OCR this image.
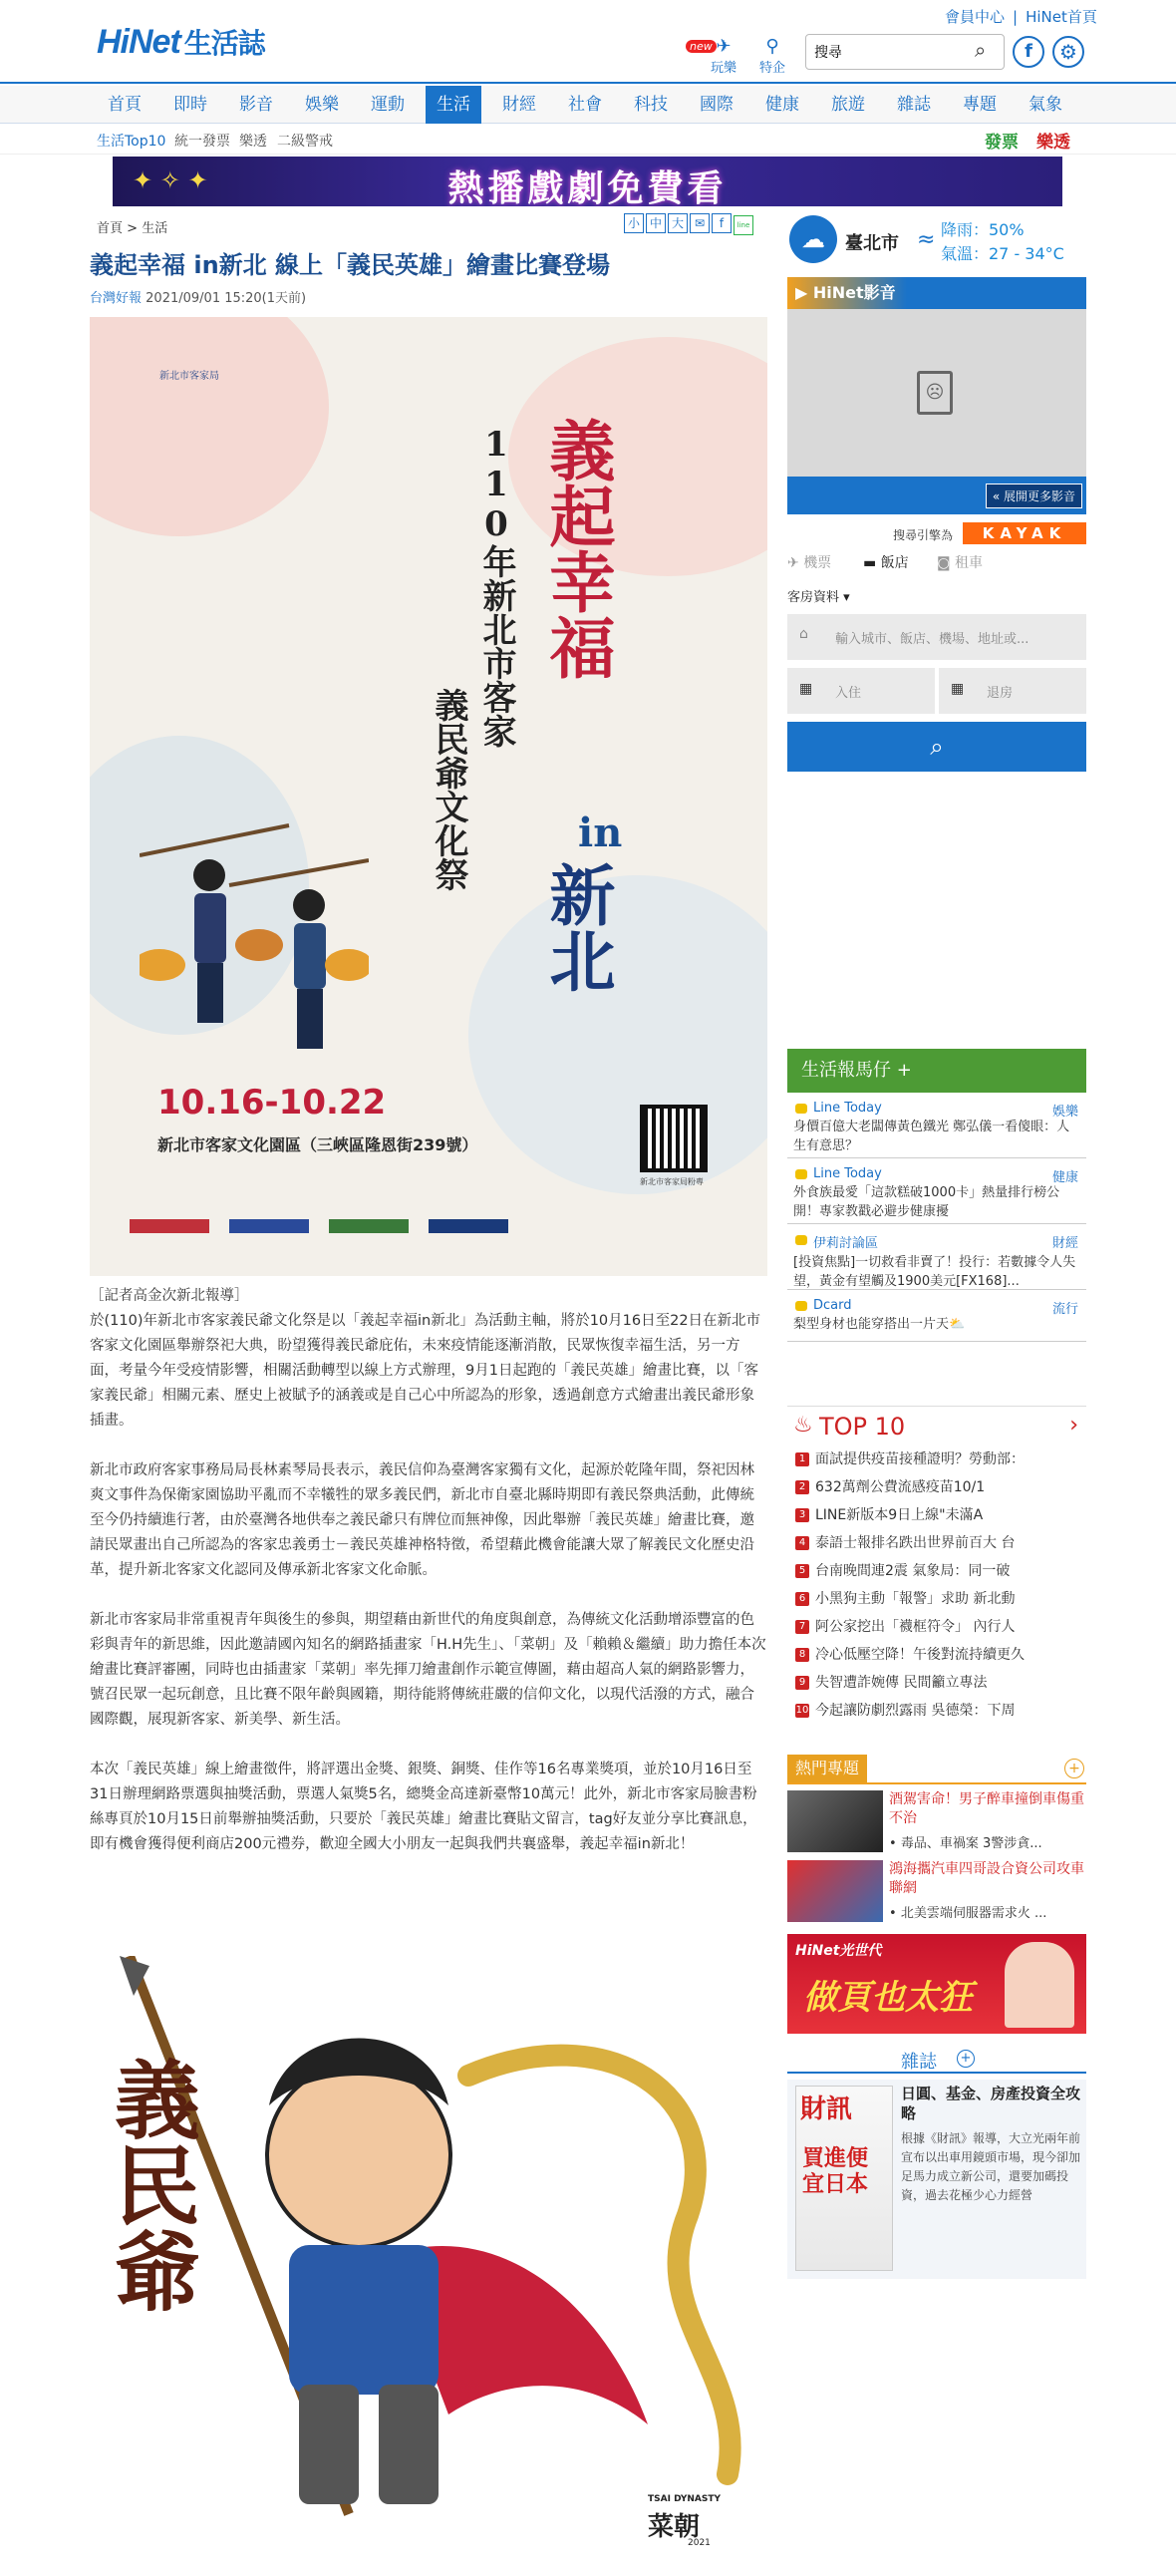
HiNet 生活誌
會員中心 | HiNet首頁
new ✈
玩樂
⚲
特企
搜尋
⌕	f	⚙
首頁	即時	影音	娛樂	運動	生活	財經	社會	科技	國際	健康	旅遊	雜誌	專題	氣象
生活Top10 統一發票 樂透 二級警戒	發票 樂透
✦ ✧ ✦	熱播戲劇免費看
首頁 > 生活	小 中 大 ✉ f line
義起幸福 in新北 線上「義民英雄」繪畫比賽登場
台灣好報 2021/09/01 15:20(1天前)
新北市客家局
義起幸福
in
新北
110年新北市客家
義民爺文化祭
10.16-10.22
新北市客家文化園區（三峽區隆恩街239號）
新北市客家局粉專

［記者高金次新北報導］

於(110)年新北市客家義民爺文化祭是以「義起幸福in新北」為活動主軸，將於10月16日至22日在新北市客家文化園區舉辦祭祀大典，盼望獲得義民爺庇佑，未來疫情能逐漸消散，民眾恢復幸福生活，另一方面，考量今年受疫情影響，相關活動轉型以線上方式辦理，9月1日起跑的「義民英雄」繪畫比賽，以「客家義民爺」相關元素、歷史上被賦予的涵義或是自己心中所認為的形象，透過創意方式繪畫出義民爺形象插畫。

新北市政府客家事務局局長林素琴局長表示，義民信仰為臺灣客家獨有文化，起源於乾隆年間，祭祀因林爽文事件為保衛家園協助平亂而不幸犧牲的眾多義民們，新北市自臺北縣時期即有義民祭典活動，此傳統至今仍持續進行著，由於臺灣各地供奉之義民爺只有牌位而無神像，因此舉辦「義民英雄」繪畫比賽，邀請民眾畫出自己所認為的客家忠義勇士－義民英雄神格特徵，希望藉此機會能讓大眾了解義民文化歷史沿革，提升新北客家文化認同及傳承新北客家文化命脈。

新北市客家局非常重視青年與後生的參與，期望藉由新世代的角度與創意，為傳統文化活動增添豐富的色彩與青年的新思維，因此邀請國內知名的網路插畫家「H.H先生」、「菜朝」及「賴賴＆繼續」助力擔任本次繪畫比賽評審團，同時也由插畫家「菜朝」率先揮刀繪畫創作示範宣傳圖，藉由超高人氣的網路影響力，號召民眾一起玩創意，且比賽不限年齡與國籍，期待能將傳統莊嚴的信仰文化，以現代活潑的方式，融合國際觀，展現新客家、新美學、新生活。

本次「義民英雄」線上繪畫徵件，將評選出金獎、銀獎、銅獎、佳作等16名專業獎項，並於10月16日至31日辦理網路票選與抽獎活動，票選人氣獎5名，總獎金高達新臺幣10萬元！此外，新北市客家局臉書粉絲專頁於10月15日前舉辦抽獎活動，只要於「義民英雄」繪畫比賽貼文留言，tag好友並分享比賽訊息，即有機會獲得便利商店200元禮券，歡迎全國大小朋友一起與我們共襄盛舉，義起幸福in新北！

義民爺
TSAI DYNASTY
菜朝
2021
☁	臺北市 ≈ 降雨：50%
氣溫：27 - 34°C
▶ HiNet影音
☹
« 展開更多影音
搜尋引擎為	KAYAK
✈ 機票 ▬ 飯店 ◙ 租車
客房資料 ▾
⌂ 輸入城市、飯店、機場、地址或...
▦ 入住	▦ 退房
⌕
生活報馬仔 +
Line Today	娛樂
身價百億大老闆傳黃色鐵光 鄭弘儀一看傻眼：人生有意思？
Line Today	健康
外食族最愛「這款糕破1000卡」熱量排行榜公開！專家教戳必避步健康擾
伊莉討論區	財經
[投資焦點]一切救看非賣了！投行：若數據令人失望，黃金有望觸及1900美元[FX168]...
Dcard	流行
梨型身材也能穿搭出一片天⛅
♨ TOP 10	›
1 面試提供疫苗接種證明？勞動部：
2 632萬劑公費流感疫苗10/1
3 LINE新版本9日上線"未滿A
4 泰語士報排名跌出世界前百大 台
5 台南晚間連2震 氣象局：同一破
6 小黑狗主動「報警」求助 新北動
7 阿公家挖出「襪框符令」 內行人
8 冷心低壓空降！午後對流持續更久
9 失智遭詐婉傳 民間籲立專法
10 今起讓防劇烈露雨 吳德榮：下周
熱門專題	+
酒駕害命！男子醉車撞倒車傷重不治
• 毒品、車禍案 3警涉貪...
鴻海攜汽車四哥設合資公司攻車聯網
• 北美雲端伺服器需求火 ...
HiNet光世代
做頁也太狂
雜誌 +
財訊
買進便宜日本
日圓、基金、房產投資全攻略
根據《財訊》報導，大立光兩年前宣布以出車用鏡頭市場，現今卻加足馬力成立新公司，還要加碼投資，過去花極少心力經營
